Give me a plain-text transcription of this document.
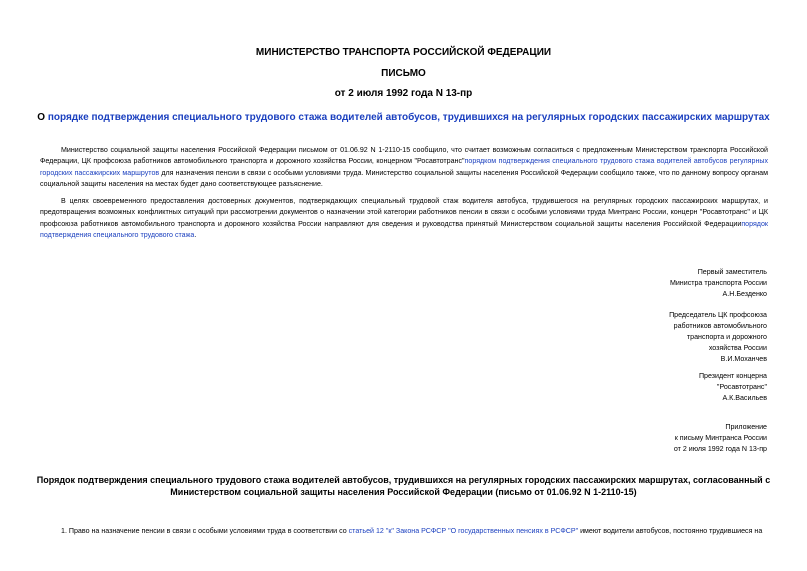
МИНИСТЕРСТВО ТРАНСПОРТА РОССИЙСКОЙ ФЕДЕРАЦИИ
ПИСЬМО
от 2 июля 1992 года N 13-пр
О порядке подтверждения специального трудового стажа водителей автобусов, трудившихся на регулярных городских пассажирских маршрутах

Министерство социальной защиты населения Российской Федерации письмом от 01.06.92 N 1-2110-15 сообщило, что считает возможным согласиться с предложенным Министерством транспорта Российской Федерации, ЦК профсоюза работников автомобильного транспорта и дорожного хозяйства России, концерном "Росавтотранс"порядком подтверждения специального трудового стажа водителей автобусов регулярных городских пассажирских маршрутов для назначения пенсии в связи с особыми условиями труда. Министерство социальной защиты населения Российской Федерации сообщило также, что по данному вопросу органам социальной защиты населения на местах будет дано соответствующее разъяснение.

В целях своевременного предоставления достоверных документов, подтверждающих специальный трудовой стаж водителя автобуса, трудившегося на регулярных городских пассажирских маршрутах, и предотвращения возможных конфликтных ситуаций при рассмотрении документов о назначении этой категории работников пенсии в связи с особыми условиями труда Минтранс России, концерн "Росавтотранс" и ЦК профсоюза работников автомобильного транспорта и дорожного хозяйства России направляют для сведения и руководства принятый Министерством социальной защиты населения Российской Федерациипорядок подтверждения специального трудового стажа.

Первый заместитель
Министра транспорта России
А.Н.Безденко
Председатель ЦК профсоюза
работников автомобильного
транспорта и дорожного
хозяйства России
В.И.Моханчев
Президент концерна
"Росавтотранс"
А.К.Васильев
Приложение
к письму Минтранса России
от 2 июля 1992 года N 13-пр
Порядок подтверждения специального трудового стажа водителей автобусов, трудившихся на регулярных городских пассажирских маршрутах, согласованный с
Министерством социальной защиты населения Российской Федерации (письмо от 01.06.92 N 1-2110-15)
1. Право на назначение пенсии в связи с особыми условиями труда в соответствии со статьей 12 "к" Закона РСФСР "О государственных пенсиях в РСФСР" имеют водители автобусов, постоянно трудившиеся на
